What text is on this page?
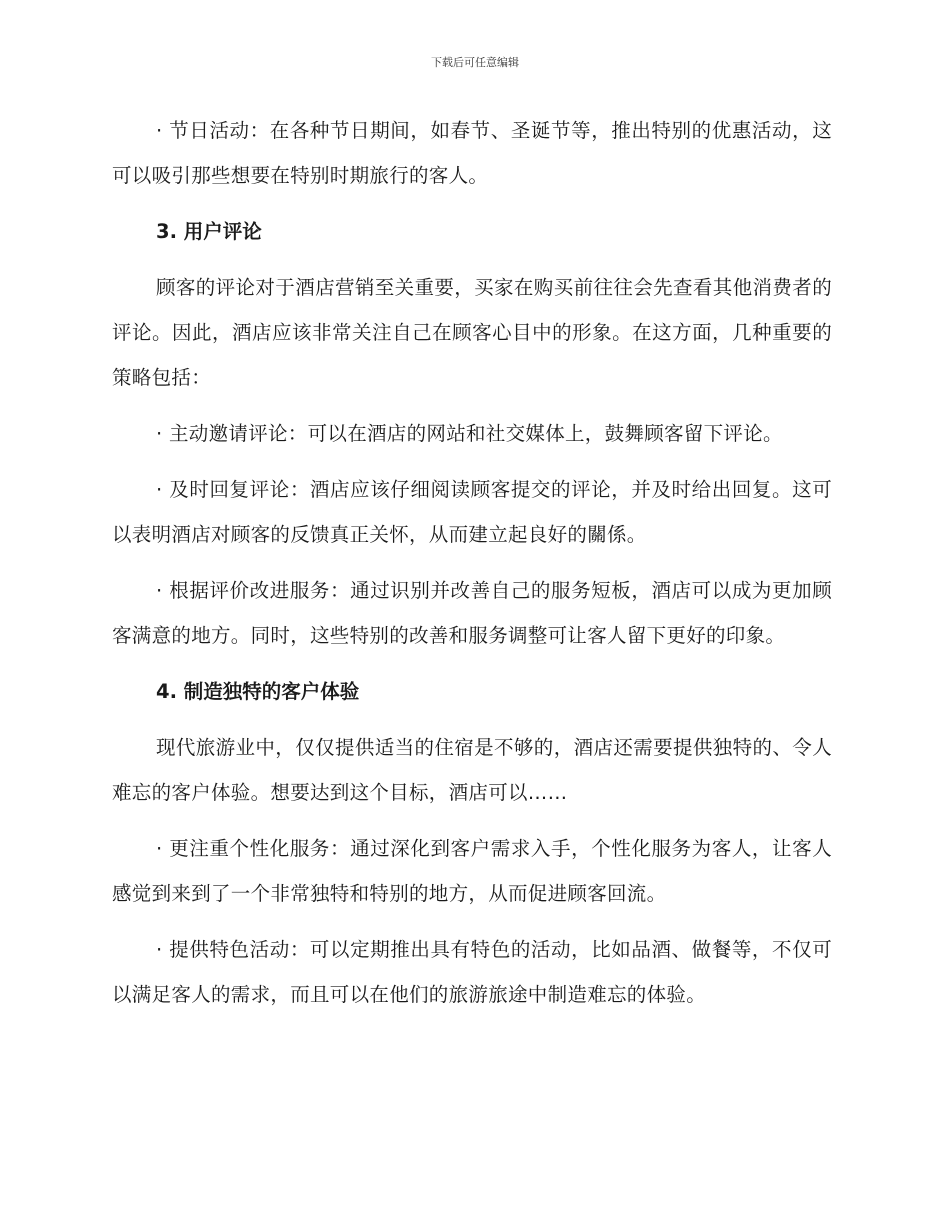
下载后可任意编辑

· 节日活动：在各种节日期间，如春节、圣诞节等，推出特别的优惠活动，这可以吸引那些想要在特别时期旅行的客人。

3. 用户评论

顾客的评论对于酒店营销至关重要，买家在购买前往往会先查看其他消费者的评论。因此，酒店应该非常关注自己在顾客心目中的形象。在这方面，几种重要的策略包括：

· 主动邀请评论：可以在酒店的网站和社交媒体上，鼓舞顾客留下评论。

· 及时回复评论：酒店应该仔细阅读顾客提交的评论，并及时给出回复。这可以表明酒店对顾客的反馈真正关怀，从而建立起良好的關係。

· 根据评价改进服务：通过识别并改善自己的服务短板，酒店可以成为更加顾客满意的地方。同时，这些特别的改善和服务调整可让客人留下更好的印象。

4. 制造独特的客户体验

现代旅游业中，仅仅提供适当的住宿是不够的，酒店还需要提供独特的、令人难忘的客户体验。想要达到这个目标，酒店可以……

· 更注重个性化服务：通过深化到客户需求入手，个性化服务为客人，让客人感觉到来到了一个非常独特和特别的地方，从而促进顾客回流。

· 提供特色活动：可以定期推出具有特色的活动，比如品酒、做餐等，不仅可以满足客人的需求，而且可以在他们的旅游旅途中制造难忘的体验。
